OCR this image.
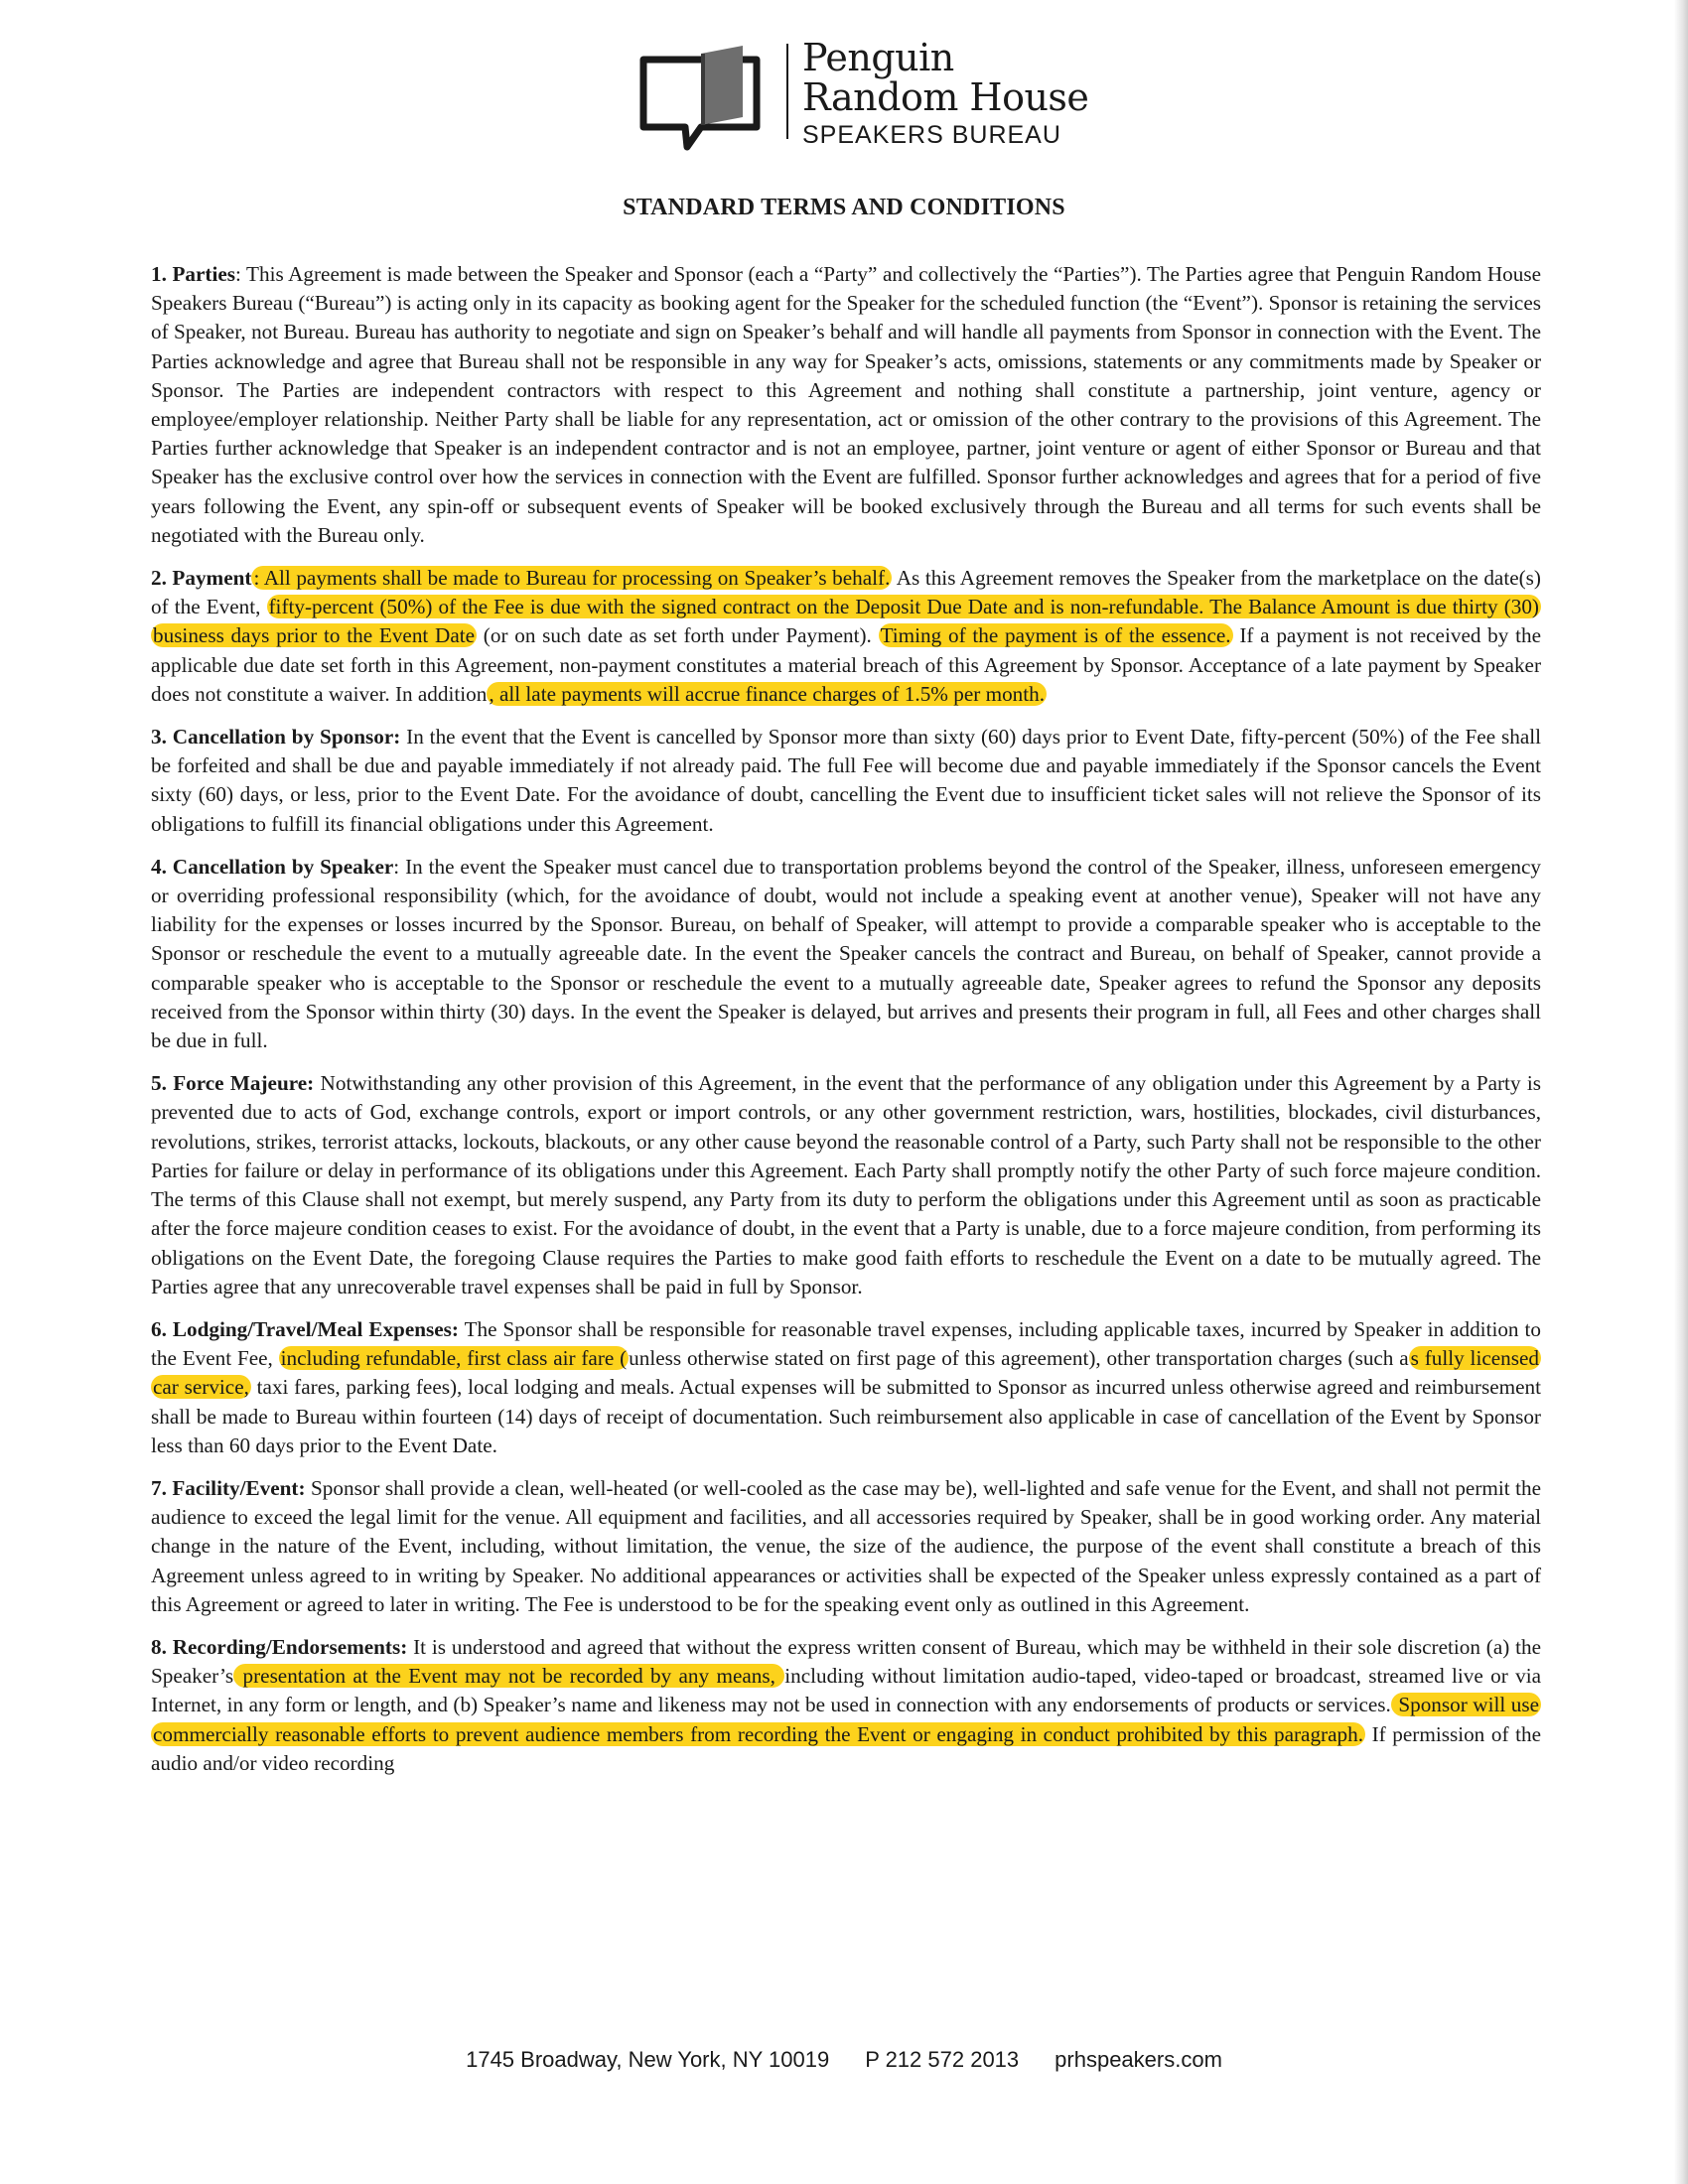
Penguin
Random House
SPEAKERS BUREAU
STANDARD TERMS AND CONDITIONS

1. Parties: This Agreement is made between the Speaker and Sponsor (each a “Party” and collectively the “Parties”). The Parties agree that Penguin Random House Speakers Bureau (“Bureau”) is acting only in its capacity as booking agent for the Speaker for the scheduled function (the “Event”). Sponsor is retaining the services of Speaker, not Bureau. Bureau has authority to negotiate and sign on Speaker’s behalf and will handle all payments from Sponsor in connection with the Event. The Parties acknowledge and agree that Bureau shall not be responsible in any way for Speaker’s acts, omissions, statements or any commitments made by Speaker or Sponsor. The Parties are independent contractors with respect to this Agreement and nothing shall constitute a partnership, joint venture, agency or employee/employer relationship. Neither Party shall be liable for any representation, act or omission of the other contrary to the provisions of this Agreement. The Parties further acknowledge that Speaker is an independent contractor and is not an employee, partner, joint venture or agent of either Sponsor or Bureau and that Speaker has the exclusive control over how the services in connection with the Event are fulfilled. Sponsor further acknowledges and agrees that for a period of five years following the Event, any spin-off or subsequent events of Speaker will be booked exclusively through the Bureau and all terms for such events shall be negotiated with the Bureau only.

2. Payment: All payments shall be made to Bureau for processing on Speaker’s behalf. As this Agreement removes the Speaker from the marketplace on the date(s) of the Event, fifty-percent (50%) of the Fee is due with the signed contract on the Deposit Due Date and is non-refundable. The Balance Amount is due thirty (30) business days prior to the Event Date (or on such date as set forth under Payment). Timing of the payment is of the essence. If a payment is not received by the applicable due date set forth in this Agreement, non-payment constitutes a material breach of this Agreement by Sponsor. Acceptance of a late payment by Speaker does not constitute a waiver. In addition, all late payments will accrue finance charges of 1.5% per month.

3. Cancellation by Sponsor: In the event that the Event is cancelled by Sponsor more than sixty (60) days prior to Event Date, fifty-percent (50%) of the Fee shall be forfeited and shall be due and payable immediately if not already paid. The full Fee will become due and payable immediately if the Sponsor cancels the Event sixty (60) days, or less, prior to the Event Date. For the avoidance of doubt, cancelling the Event due to insufficient ticket sales will not relieve the Sponsor of its obligations to fulfill its financial obligations under this Agreement.

4. Cancellation by Speaker: In the event the Speaker must cancel due to transportation problems beyond the control of the Speaker, illness, unforeseen emergency or overriding professional responsibility (which, for the avoidance of doubt, would not include a speaking event at another venue), Speaker will not have any liability for the expenses or losses incurred by the Sponsor. Bureau, on behalf of Speaker, will attempt to provide a comparable speaker who is acceptable to the Sponsor or reschedule the event to a mutually agreeable date. In the event the Speaker cancels the contract and Bureau, on behalf of Speaker, cannot provide a comparable speaker who is acceptable to the Sponsor or reschedule the event to a mutually agreeable date, Speaker agrees to refund the Sponsor any deposits received from the Sponsor within thirty (30) days. In the event the Speaker is delayed, but arrives and presents their program in full, all Fees and other charges shall be due in full.

5. Force Majeure: Notwithstanding any other provision of this Agreement, in the event that the performance of any obligation under this Agreement by a Party is prevented due to acts of God, exchange controls, export or import controls, or any other government restriction, wars, hostilities, blockades, civil disturbances, revolutions, strikes, terrorist attacks, lockouts, blackouts, or any other cause beyond the reasonable control of a Party, such Party shall not be responsible to the other Parties for failure or delay in performance of its obligations under this Agreement. Each Party shall promptly notify the other Party of such force majeure condition. The terms of this Clause shall not exempt, but merely suspend, any Party from its duty to perform the obligations under this Agreement until as soon as practicable after the force majeure condition ceases to exist. For the avoidance of doubt, in the event that a Party is unable, due to a force majeure condition, from performing its obligations on the Event Date, the foregoing Clause requires the Parties to make good faith efforts to reschedule the Event on a date to be mutually agreed. The Parties agree that any unrecoverable travel expenses shall be paid in full by Sponsor.

6. Lodging/Travel/Meal Expenses: The Sponsor shall be responsible for reasonable travel expenses, including applicable taxes, incurred by Speaker in addition to the Event Fee, including refundable, first class air fare (unless otherwise stated on first page of this agreement), other transportation charges (such as fully licensed car service, taxi fares, parking fees), local lodging and meals. Actual expenses will be submitted to Sponsor as incurred unless otherwise agreed and reimbursement shall be made to Bureau within fourteen (14) days of receipt of documentation. Such reimbursement also applicable in case of cancellation of the Event by Sponsor less than 60 days prior to the Event Date.

7. Facility/Event: Sponsor shall provide a clean, well-heated (or well-cooled as the case may be), well-lighted and safe venue for the Event, and shall not permit the audience to exceed the legal limit for the venue. All equipment and facilities, and all accessories required by Speaker, shall be in good working order. Any material change in the nature of the Event, including, without limitation, the venue, the size of the audience, the purpose of the event shall constitute a breach of this Agreement unless agreed to in writing by Speaker. No additional appearances or activities shall be expected of the Speaker unless expressly contained as a part of this Agreement or agreed to later in writing. The Fee is understood to be for the speaking event only as outlined in this Agreement.

8. Recording/Endorsements: It is understood and agreed that without the express written consent of Bureau, which may be withheld in their sole discretion (a) the Speaker’s presentation at the Event may not be recorded by any means, including without limitation audio-taped, video-taped or broadcast, streamed live or via Internet, in any form or length, and (b) Speaker’s name and likeness may not be used in connection with any endorsements of products or services. Sponsor will use commercially reasonable efforts to prevent audience members from recording the Event or engaging in conduct prohibited by this paragraph. If permission of the audio and/or video recording

1745 Broadway, New York, NY 10019 P 212 572 2013 prhspeakers.com
